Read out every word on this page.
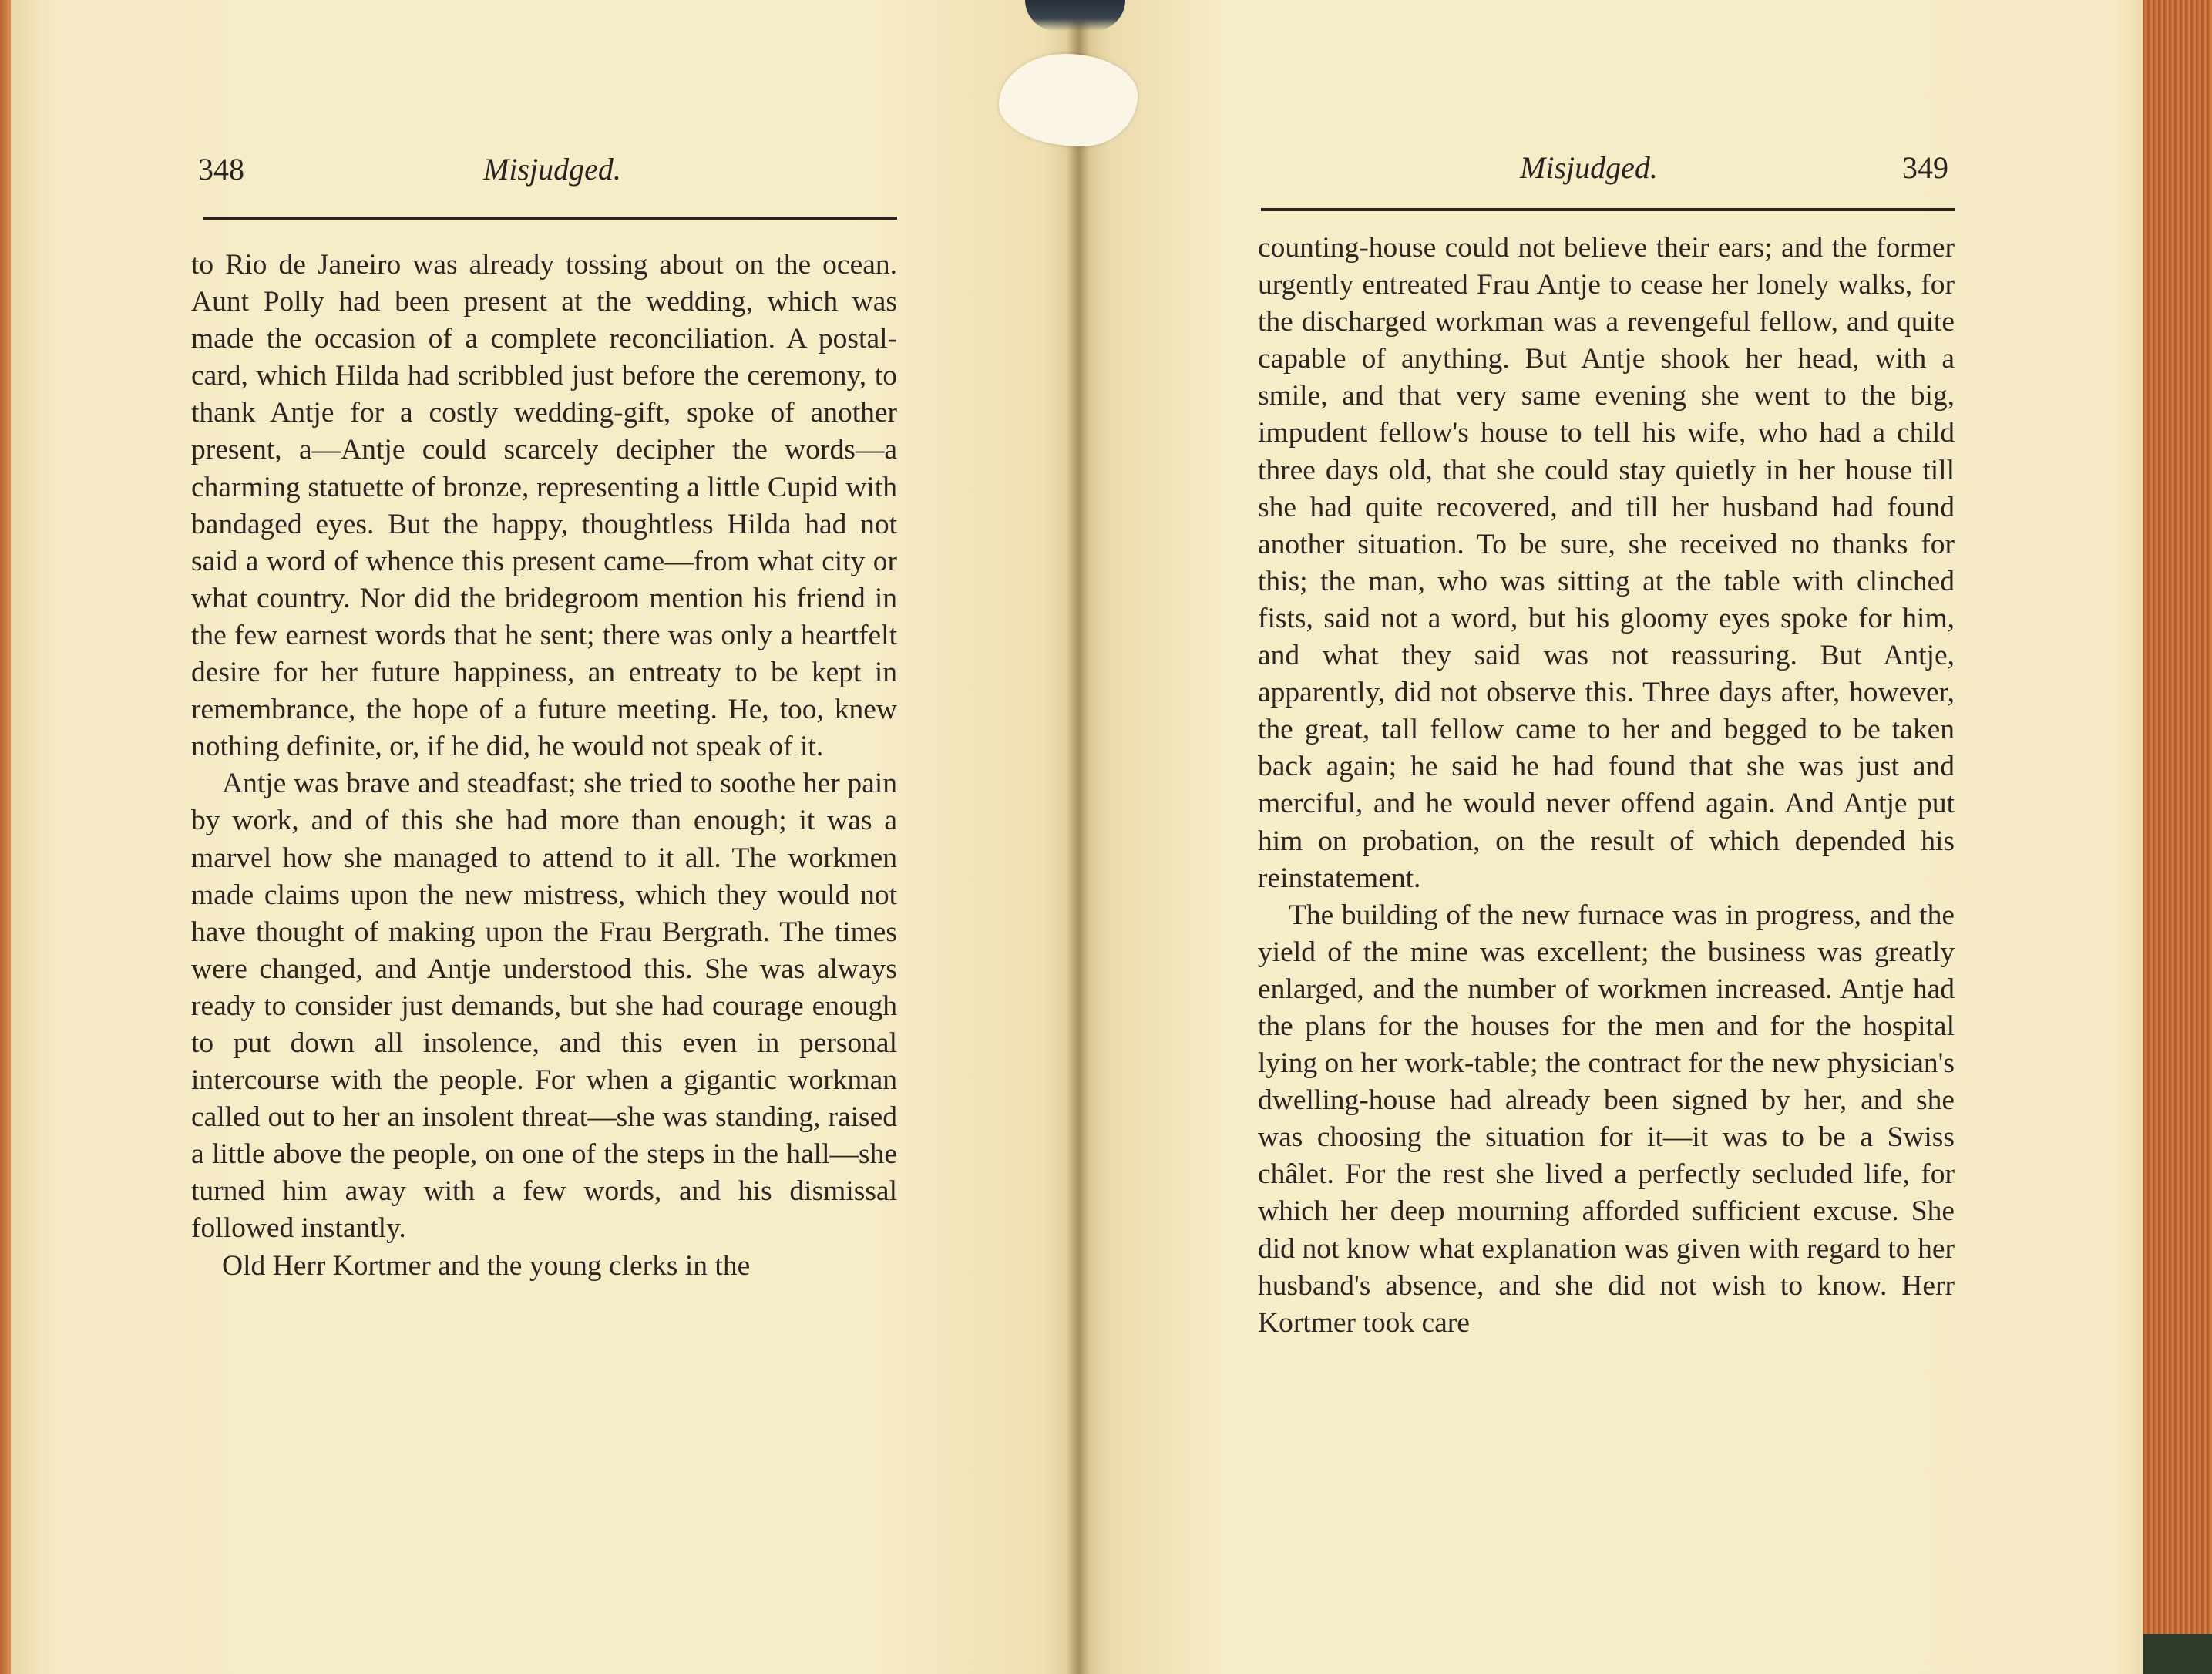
348	Misjudged.

to Rio de Janeiro was already tossing about on the ocean. Aunt Polly had been present at the wedding, which was made the occasion of a complete reconciliation. A postal-card, which Hilda had scribbled just before the ceremony, to thank Antje for a costly wedding-gift, spoke of another present, a—Antje could scarcely decipher the words—a charming statuette of bronze, representing a little Cupid with bandaged eyes. But the happy, thoughtless Hilda had not said a word of whence this present came—from what city or what country. Nor did the bridegroom mention his friend in the few earnest words that he sent; there was only a heartfelt desire for her future happiness, an entreaty to be kept in remembrance, the hope of a future meeting. He, too, knew nothing definite, or, if he did, he would not speak of it.

Antje was brave and steadfast; she tried to soothe her pain by work, and of this she had more than enough; it was a marvel how she managed to attend to it all. The workmen made claims upon the new mistress, which they would not have thought of making upon the Frau Bergrath. The times were changed, and Antje understood this. She was always ready to consider just demands, but she had courage enough to put down all insolence, and this even in personal intercourse with the people. For when a gigantic workman called out to her an insolent threat—she was standing, raised a little above the people, on one of the steps in the hall—she turned him away with a few words, and his dismissal followed instantly.

Old Herr Kortmer and the young clerks in the

Misjudged.	349

counting-house could not believe their ears; and the former urgently entreated Frau Antje to cease her lonely walks, for the discharged workman was a revengeful fellow, and quite capable of anything. But Antje shook her head, with a smile, and that very same evening she went to the big, impudent fellow's house to tell his wife, who had a child three days old, that she could stay quietly in her house till she had quite recovered, and till her husband had found another situation. To be sure, she received no thanks for this; the man, who was sitting at the table with clinched fists, said not a word, but his gloomy eyes spoke for him, and what they said was not reassuring. But Antje, apparently, did not observe this. Three days after, however, the great, tall fellow came to her and begged to be taken back again; he said he had found that she was just and merciful, and he would never offend again. And Antje put him on probation, on the result of which depended his reinstatement.

The building of the new furnace was in progress, and the yield of the mine was excellent; the business was greatly enlarged, and the number of workmen increased. Antje had the plans for the houses for the men and for the hospital lying on her work-table; the contract for the new physician's dwelling-house had already been signed by her, and she was choosing the situation for it—it was to be a Swiss châlet. For the rest she lived a perfectly secluded life, for which her deep mourning afforded sufficient excuse. She did not know what explanation was given with regard to her husband's absence, and she did not wish to know. Herr Kortmer took care
